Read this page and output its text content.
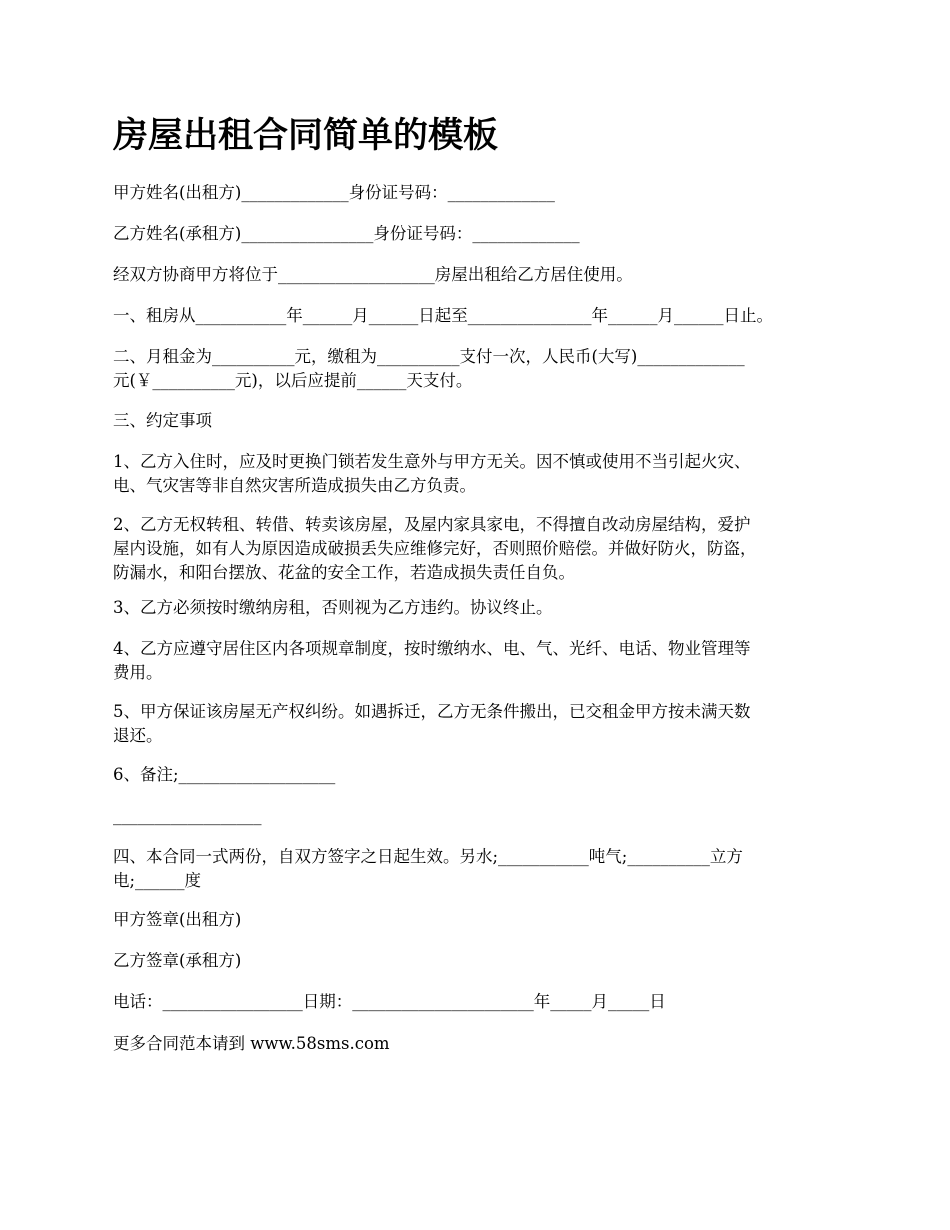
房屋出租合同简单的模板

甲方姓名(出租方)_____________身份证号码：_____________

乙方姓名(承租方)________________身份证号码：_____________

经双方协商甲方将位于___________________房屋出租给乙方居住使用。

一、租房从___________年______月______日起至_______________年______月______日止。

二、月租金为__________元，缴租为__________支付一次，人民币(大写)_____________
元(￥__________元)，以后应提前______天支付。

三、约定事项

1、乙方入住时，应及时更换门锁若发生意外与甲方无关。因不慎或使用不当引起火灾、
电、气灾害等非自然灾害所造成损失由乙方负责。
2、乙方无权转租、转借、转卖该房屋，及屋内家具家电，不得擅自改动房屋结构，爱护
屋内设施，如有人为原因造成破损丢失应维修完好，否则照价赔偿。并做好防火，防盗，
防漏水，和阳台摆放、花盆的安全工作，若造成损失责任自负。

3、乙方必须按时缴纳房租，否则视为乙方违约。协议终止。

4、乙方应遵守居住区内各项规章制度，按时缴纳水、电、气、光纤、电话、物业管理等
费用。
5、甲方保证该房屋无产权纠纷。如遇拆迁，乙方无条件搬出，已交租金甲方按未满天数
退还。

6、备注;___________________

__________________

四、本合同一式两份，自双方签字之日起生效。另水;___________吨气;__________立方
电;______度

甲方签章(出租方)

乙方签章(承租方)

电话：_________________日期：______________________年_____月_____日

更多合同范本请到 www.58sms.com
